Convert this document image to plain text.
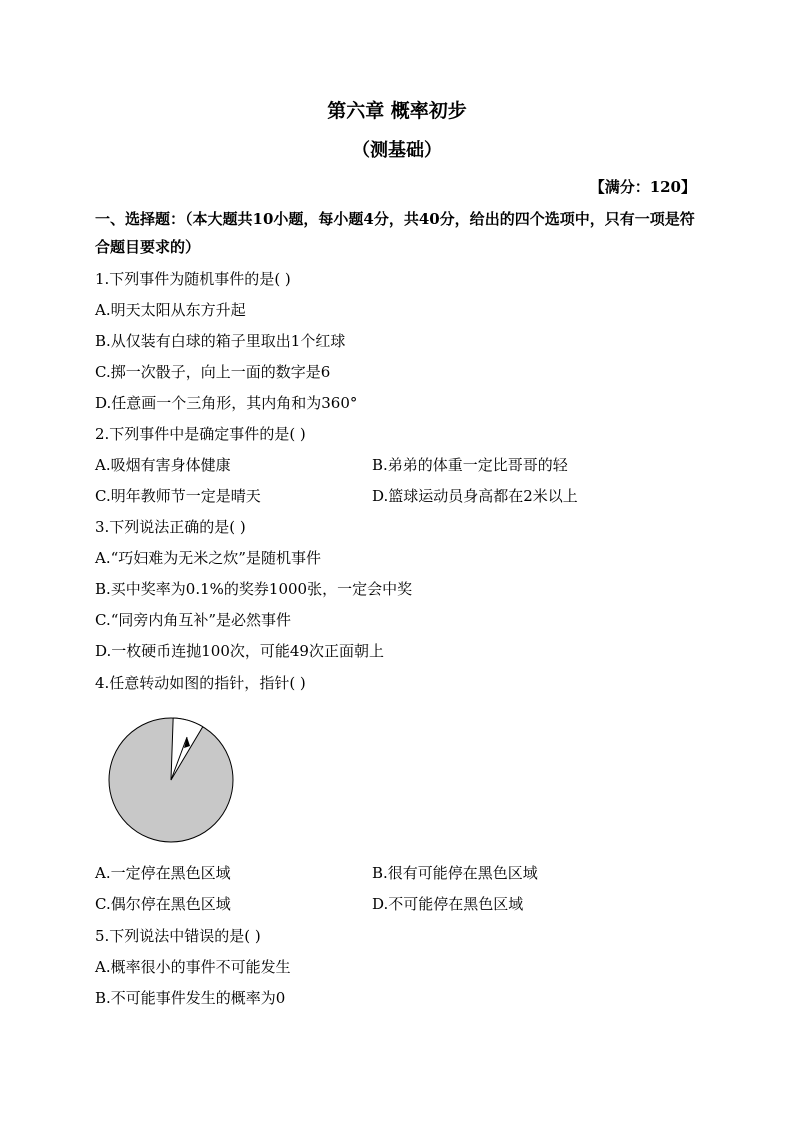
第六章 概率初步
（测基础）
【满分：120】
一、选择题：（本大题共10小题，每小题4分，共40分，给出的四个选项中，只有一项是符合题目要求的）
1.下列事件为随机事件的是( )
A.明天太阳从东方升起
B.从仅装有白球的箱子里取出1个红球
C.掷一次骰子，向上一面的数字是6
D.任意画一个三角形，其内角和为360°
2.下列事件中是确定事件的是( )
A.吸烟有害身体健康	B.弟弟的体重一定比哥哥的轻
C.明年教师节一定是晴天	D.篮球运动员身高都在2米以上
3.下列说法正确的是( )
A.“巧妇难为无米之炊”是随机事件
B.买中奖率为0.1%的奖券1000张，一定会中奖
C.“同旁内角互补”是必然事件
D.一枚硬币连抛100次，可能49次正面朝上
4.任意转动如图的指针，指针( )
A.一定停在黑色区域	B.很有可能停在黑色区域
C.偶尔停在黑色区域	D.不可能停在黑色区域
5.下列说法中错误的是( )
A.概率很小的事件不可能发生
B.不可能事件发生的概率为0
